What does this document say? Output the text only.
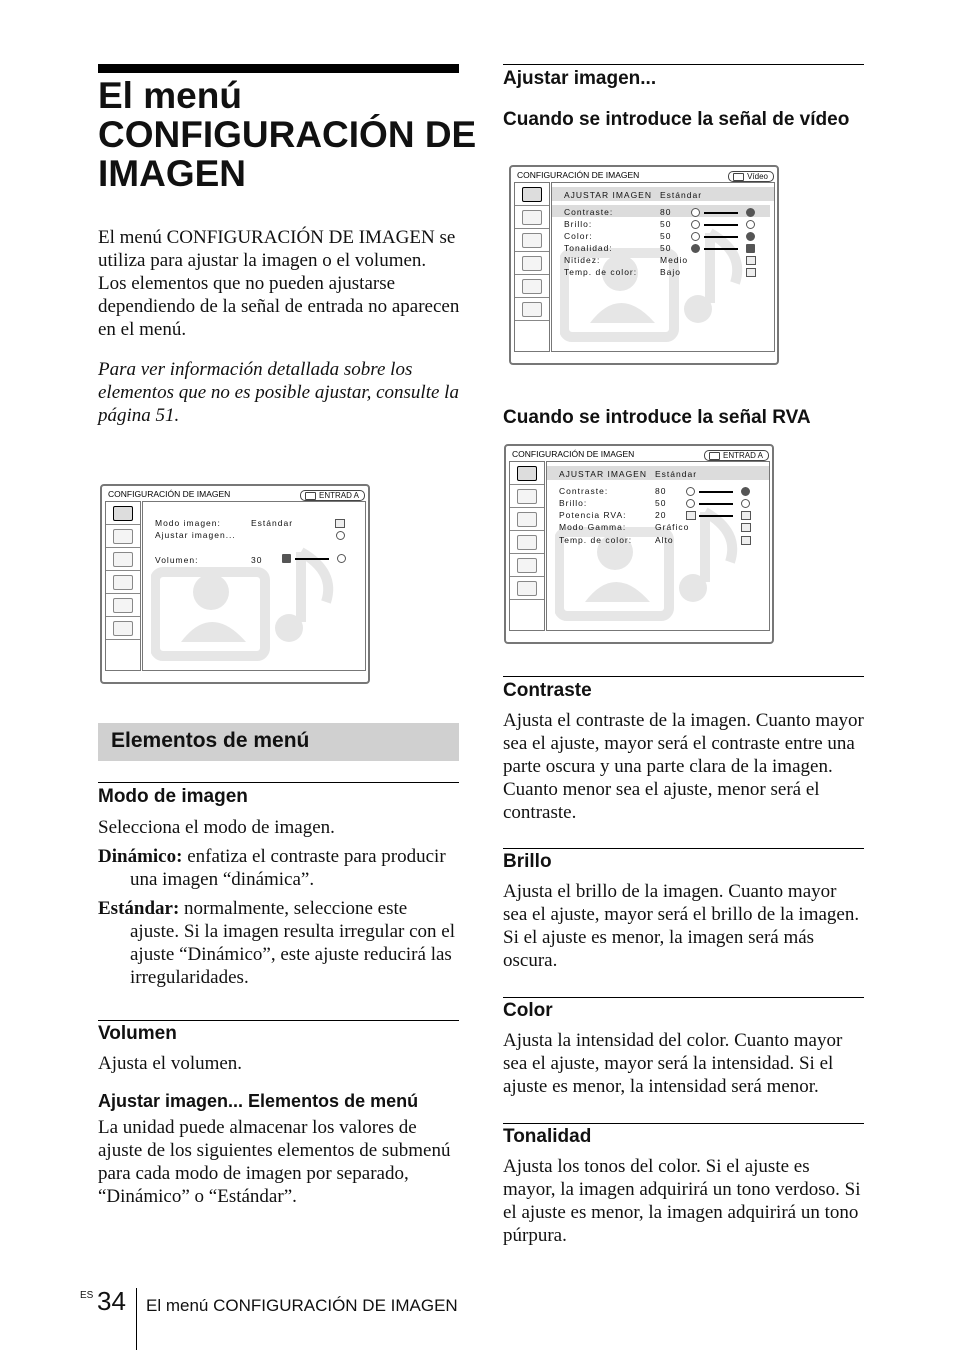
El menú CONFIGURACIÓN DE IMAGEN

El menú CONFIGURACIÓN DE IMAGEN se utiliza para ajustar la imagen o el volumen.

Los elementos que no pueden ajustarse dependiendo de la señal de entrada no aparecen en el menú.

Para ver información detallada sobre los elementos que no es posible ajustar, consulte la página 51.

CONFIGURACIÓN DE IMAGEN	ENTRAD A
Modo imagen:	Estándar
Ajustar imagen...
Volumen:	30
Elementos de menú
Modo de imagen

Selecciona el modo de imagen.

Dinámico: enfatiza el contraste para producir una imagen “dinámica”.

Estándar: normalmente, seleccione este ajuste. Si la imagen resulta irregular con el ajuste “Dinámico”, este ajuste reducirá las irregularidades.

Volumen

Ajusta el volumen.

Ajustar imagen... Elementos de menú

La unidad puede almacenar los valores de ajuste de los siguientes elementos de submenú para cada modo de imagen por separado, “Dinámico” o “Estándar”.

Ajustar imagen...
Cuando se introduce la señal de vídeo
CONFIGURACIÓN DE IMAGEN	Vídeo
AJUSTAR IMAGEN Estándar
Contraste:	80
Brillo:	50
Color:	50
Tonalidad:	50
Nitidez:	Medio
Temp. de color:	Bajo
Cuando se introduce la señal RVA
CONFIGURACIÓN DE IMAGEN	ENTRAD A
AJUSTAR IMAGEN Estándar
Contraste:	80
Brillo:	50
Potencia RVA:	20
Modo Gamma:	Gráfico
Temp. de color:	Alto
Contraste

Ajusta el contraste de la imagen. Cuanto mayor sea el ajuste, mayor será el contraste entre una parte oscura y una parte clara de la imagen. Cuanto menor sea el ajuste, menor será el contraste.

Brillo

Ajusta el brillo de la imagen. Cuanto mayor sea el ajuste, mayor será el brillo de la imagen. Si el ajuste es menor, la imagen será más oscura.

Color

Ajusta la intensidad del color. Cuanto mayor sea el ajuste, mayor será la intensidad. Si el ajuste es menor, la intensidad será menor.

Tonalidad

Ajusta los tonos del color. Si el ajuste es mayor, la imagen adquirirá un tono verdoso. Si el ajuste es menor, la imagen adquirirá un tono púrpura.

ES 34 El menú CONFIGURACIÓN DE IMAGEN
